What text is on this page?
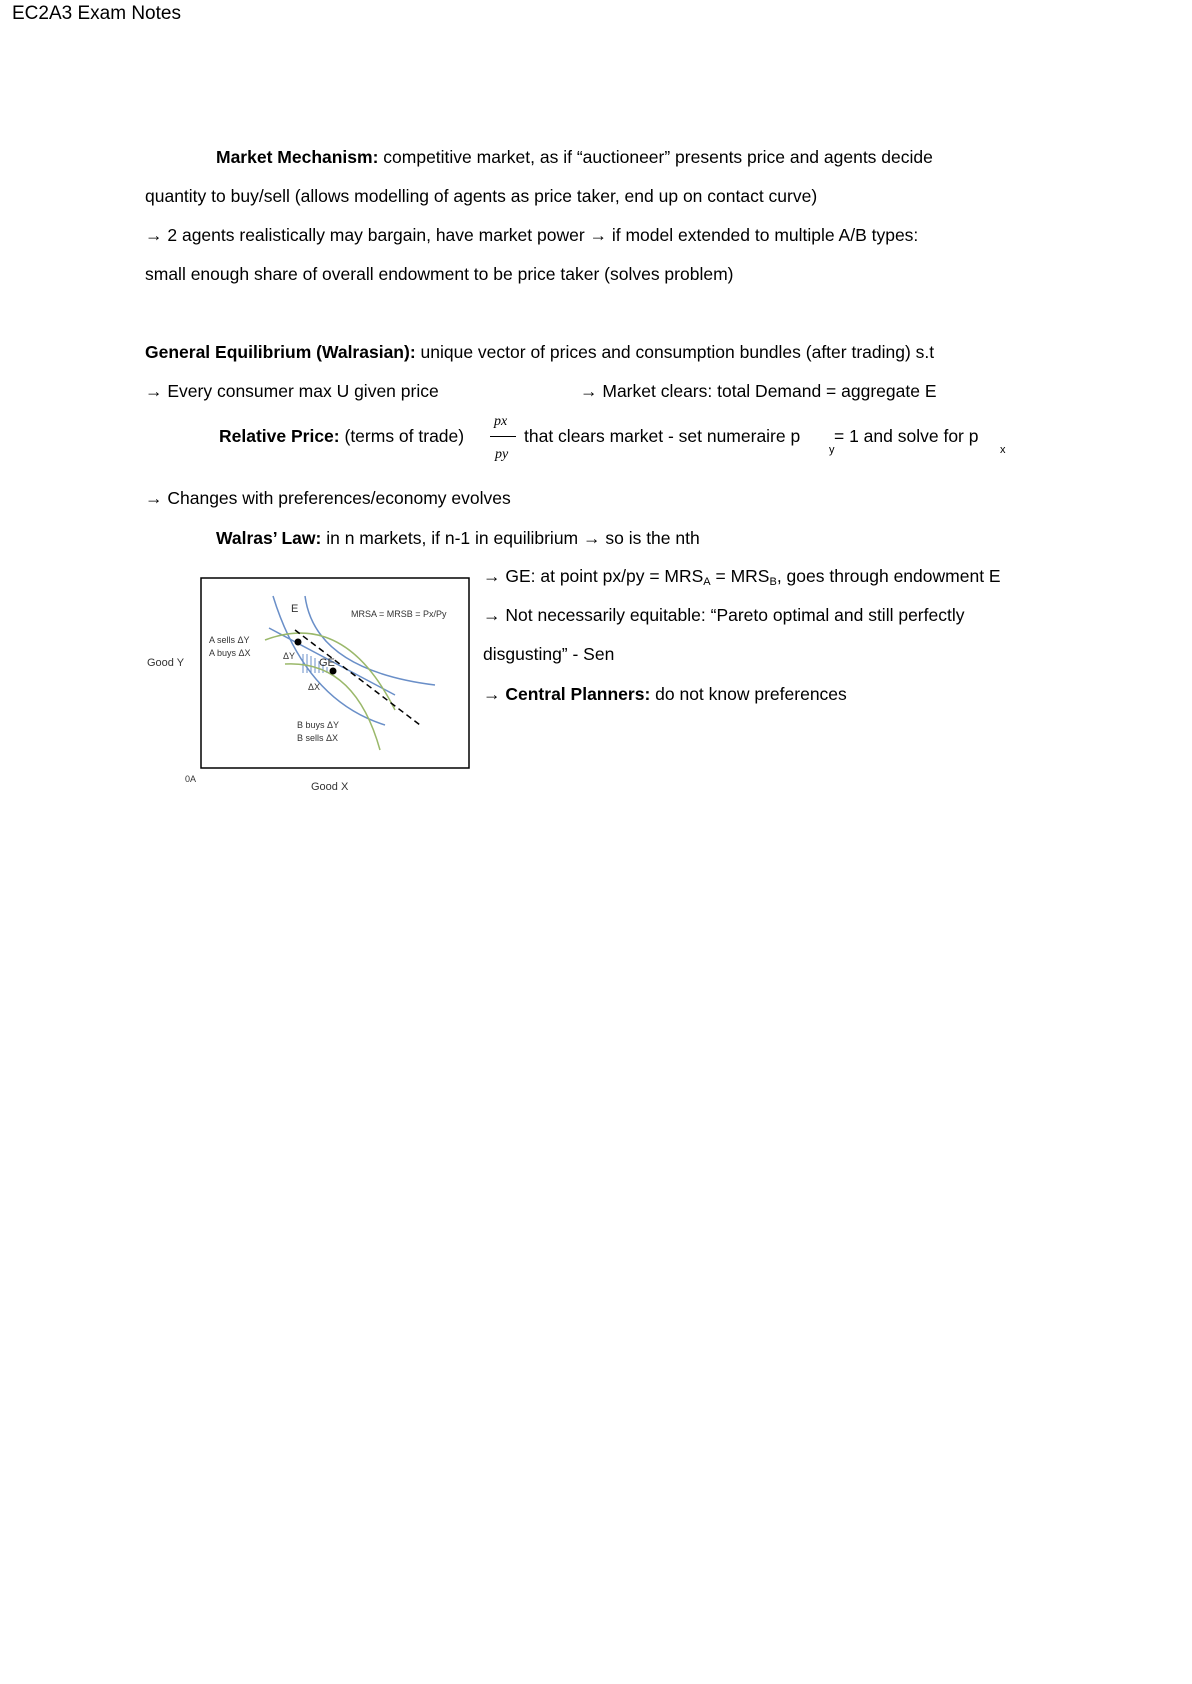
EC2A3 Exam Notes
Market Mechanism: competitive market, as if “auctioneer” presents price and agents decide
quantity to buy/sell (allows modelling of agents as price taker, end up on contact curve)
→ 2 agents realistically may bargain, have market power → if model extended to multiple A/B types:
small enough share of overall endowment to be price taker (solves problem)
General Equilibrium (Walrasian): unique vector of prices and consumption bundles (after trading) s.t
→ Every consumer max U given price	→ Market clears: total Demand = aggregate E
Relative Price: (terms of trade)
px
py
that clears market - set numeraire p
y
= 1 and solve for p
x
→ Changes with preferences/economy evolves
Walras’ Law: in n markets, if n-1 in equilibrium → so is the nth
→ GE: at point px/py = MRSA = MRSB, goes through endowment E
→ Not necessarily equitable: “Pareto optimal and still perfectly
disgusting” - Sen
→ Central Planners: do not know preferences
E
GE
MRSA = MRSB = Px/Py
A sells ΔY
A buys ΔX	ΔY
ΔX
B buys ΔY
B sells ΔX
Good Y
Good X
0A
